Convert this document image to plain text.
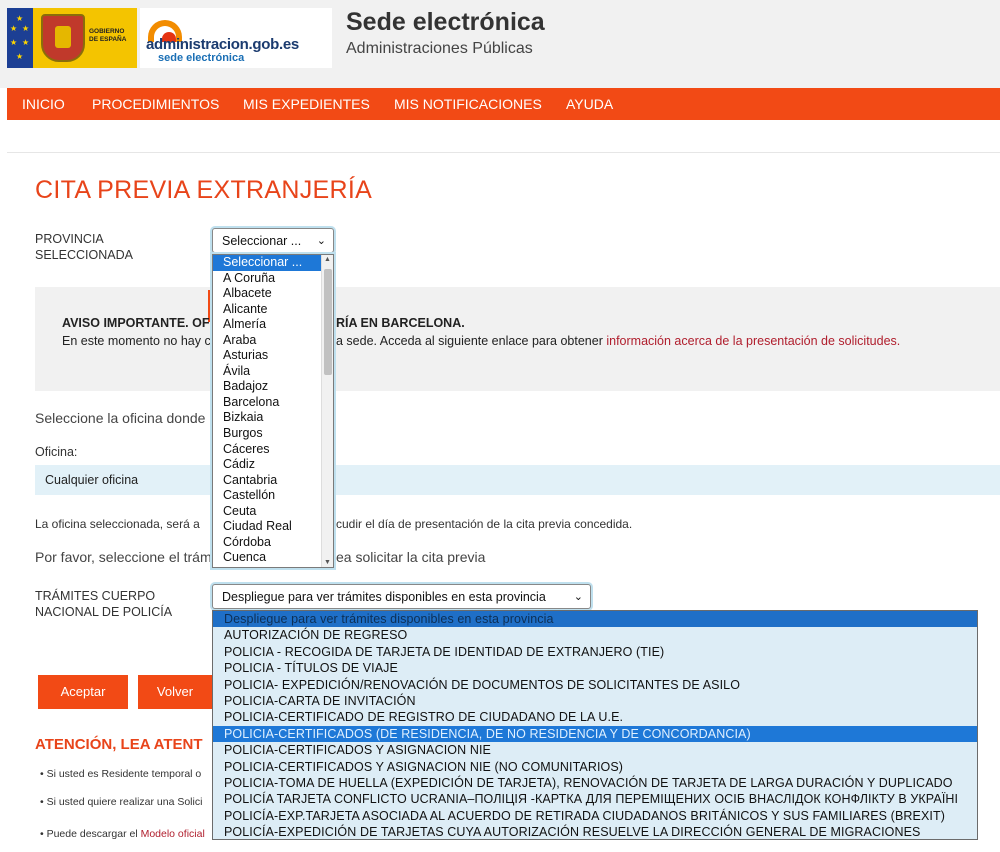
★
★ ★
★ ★
★
GOBIERNO
DE ESPAÑA administracion.gob.es
sede electrónica
Sede electrónica
Administraciones Públicas
INICIO PROCEDIMIENTOS MIS EXPEDIENTES MIS NOTIFICACIONES AYUDA
CITA PREVIA EXTRANJERÍA
PROVINCIA SELECCIONADA
Seleccionar ... ⌄
AVISO IMPORTANTE. OF	RÍA EN BARCELONA.
En este momento no hay c	a sede. Acceda al siguiente enlace para obtener información acerca de la presentación de solicitudes.
Seleccione la oficina donde
Oficina:
Cualquier oficina
La oficina seleccionada, será a	cudir el día de presentación de la cita previa concedida.
Por favor, seleccione el trám	ea solicitar la cita previa
TRÁMITES CUERPO NACIONAL DE POLICÍA
Despliegue para ver trámites disponibles en esta provincia	⌄
Aceptar	Volver
ATENCIÓN, LEA ATENT
• Si usted es Residente temporal o
• Si usted quiere realizar una Solici
• Puede descargar el Modelo oficial
Seleccionar ...
A Coruña
Albacete
Alicante
Almería
Araba
Asturias
Ávila
Badajoz
Barcelona
Bizkaia
Burgos
Cáceres
Cádiz
Cantabria
Castellón
Ceuta
Ciudad Real
Córdoba
Cuenca
▲
▼
Despliegue para ver trámites disponibles en esta provincia
AUTORIZACIÓN DE REGRESO
POLICIA - RECOGIDA DE TARJETA DE IDENTIDAD DE EXTRANJERO (TIE)
POLICIA - TÍTULOS DE VIAJE
POLICIA- EXPEDICIÓN/RENOVACIÓN DE DOCUMENTOS DE SOLICITANTES DE ASILO
POLICIA-CARTA DE INVITACIÓN
POLICIA-CERTIFICADO DE REGISTRO DE CIUDADANO DE LA U.E.
POLICIA-CERTIFICADOS (DE RESIDENCIA, DE NO RESIDENCIA Y DE CONCORDANCIA)
POLICIA-CERTIFICADOS Y ASIGNACION NIE
POLICIA-CERTIFICADOS Y ASIGNACION NIE (NO COMUNITARIOS)
POLICIA-TOMA DE HUELLA (EXPEDICIÓN DE TARJETA), RENOVACIÓN DE TARJETA DE LARGA DURACIÓN Y DUPLICADO
POLICÍA TARJETA CONFLICTO UCRANIA–ПОЛІЦІЯ -КАРТКА ДЛЯ ПЕРЕМІЩЕНИХ ОСІБ ВНАСЛІДОК КОНФЛІКТУ В УКРАЇНІ
POLICÍA-EXP.TARJETA ASOCIADA AL ACUERDO DE RETIRADA CIUDADANOS BRITÁNICOS Y SUS FAMILIARES (BREXIT)
POLICÍA-EXPEDICIÓN DE TARJETAS CUYA AUTORIZACIÓN RESUELVE LA DIRECCIÓN GENERAL DE MIGRACIONES
